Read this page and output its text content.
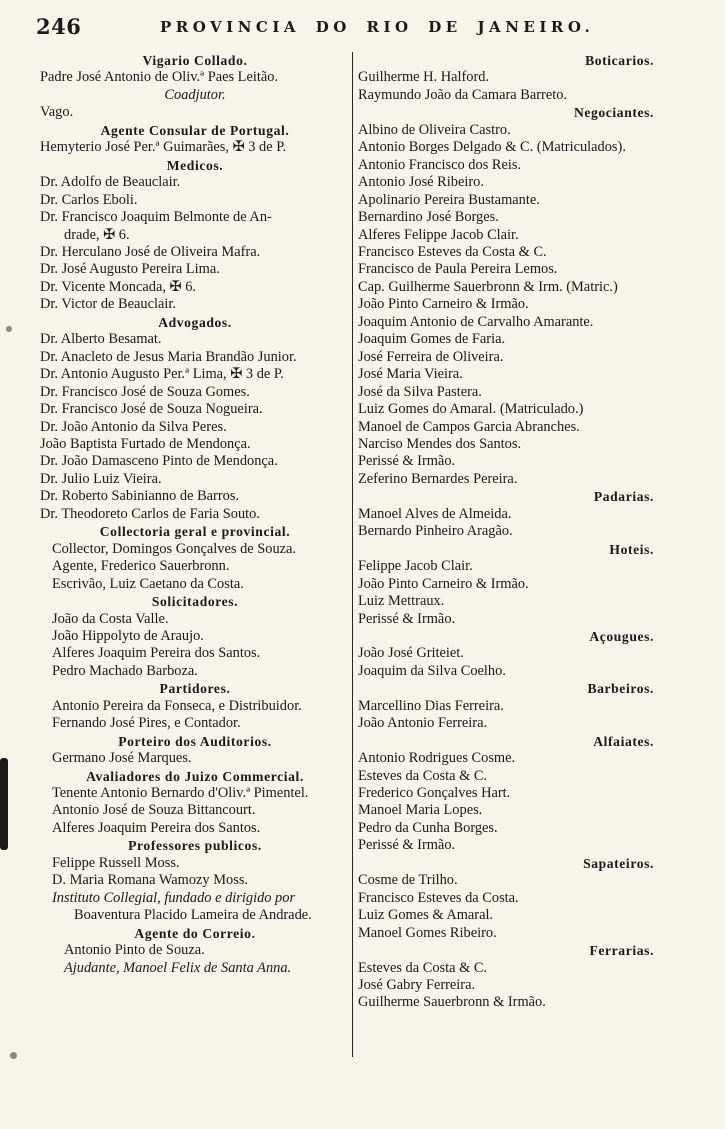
246	PROVINCIA DO RIO DE JANEIRO.
Vigario Collado.
Padre José Antonio de Oliv.ª Paes Leitão.
Coadjutor.
Vago.
Agente Consular de Portugal.
Hemyterio José Per.ª Guimarães, ✠ 3 de P.
Medicos.
Dr. Adolfo de Beauclair.
Dr. Carlos Eboli.
Dr. Francisco Joaquim Belmonte de An-
drade, ✠ 6.
Dr. Herculano José de Oliveira Mafra.
Dr. José Augusto Pereira Lima.
Dr. Vicente Moncada, ✠ 6.
Dr. Victor de Beauclair.
Advogados.
Dr. Alberto Besamat.
Dr. Anacleto de Jesus Maria Brandão Junior.
Dr. Antonio Augusto Per.ª Lima, ✠ 3 de P.
Dr. Francisco José de Souza Gomes.
Dr. Francisco José de Souza Nogueira.
Dr. João Antonio da Silva Peres.
João Baptista Furtado de Mendonça.
Dr. João Damasceno Pinto de Mendonça.
Dr. Julio Luiz Vieira.
Dr. Roberto Sabinianno de Barros.
Dr. Theodoreto Carlos de Faria Souto.
Collectoria geral e provincial.
Collector, Domingos Gonçalves de Souza.
Agente, Frederico Sauerbronn.
Escrivão, Luiz Caetano da Costa.
Solicitadores.
João da Costa Valle.
João Hippolyto de Araujo.
Alferes Joaquim Pereira dos Santos.
Pedro Machado Barboza.
Partidores.
Antonio Pereira da Fonseca, e Distribuidor.
Fernando José Pires, e Contador.
Porteiro dos Auditorios.
Germano José Marques.
Avaliadores do Juizo Commercial.
Tenente Antonio Bernardo d'Oliv.ª Pimentel.
Antonio José de Souza Bittancourt.
Alferes Joaquim Pereira dos Santos.
Professores publicos.
Felippe Russell Moss.
D. Maria Romana Wamozy Moss.
Instituto Collegial, fundado e dirigido por
Boaventura Placido Lameira de Andrade.
Agente do Correio.
Antonio Pinto de Souza.
Ajudante, Manoel Felix de Santa Anna.
Boticarios.
Guilherme H. Halford.
Raymundo João da Camara Barreto.
Negociantes.
Albino de Oliveira Castro.
Antonio Borges Delgado & C. (Matriculados).
Antonio Francisco dos Reis.
Antonio José Ribeiro.
Apolinario Pereira Bustamante.
Bernardino José Borges.
Alferes Felippe Jacob Clair.
Francisco Esteves da Costa & C.
Francisco de Paula Pereira Lemos.
Cap. Guilherme Sauerbronn & Irm. (Matric.)
João Pinto Carneiro & Irmão.
Joaquim Antonio de Carvalho Amarante.
Joaquim Gomes de Faria.
José Ferreira de Oliveira.
José Maria Vieira.
José da Silva Pastera.
Luiz Gomes do Amaral. (Matriculado.)
Manoel de Campos Garcia Abranches.
Narciso Mendes dos Santos.
Perissé & Irmão.
Zeferino Bernardes Pereira.
Padarias.
Manoel Alves de Almeida.
Bernardo Pinheiro Aragão.
Hoteis.
Felippe Jacob Clair.
João Pinto Carneiro & Irmão.
Luiz Mettraux.
Perissé & Irmão.
Açougues.
João José Griteiet.
Joaquim da Silva Coelho.
Barbeiros.
Marcellino Dias Ferreira.
João Antonio Ferreira.
Alfaiates.
Antonio Rodrigues Cosme.
Esteves da Costa & C.
Frederico Gonçalves Hart.
Manoel Maria Lopes.
Pedro da Cunha Borges.
Perissé & Irmão.
Sapateiros.
Cosme de Trilho.
Francisco Esteves da Costa.
Luiz Gomes & Amaral.
Manoel Gomes Ribeiro.
Ferrarias.
Esteves da Costa & C.
José Gabry Ferreira.
Guilherme Sauerbronn & Irmão.
